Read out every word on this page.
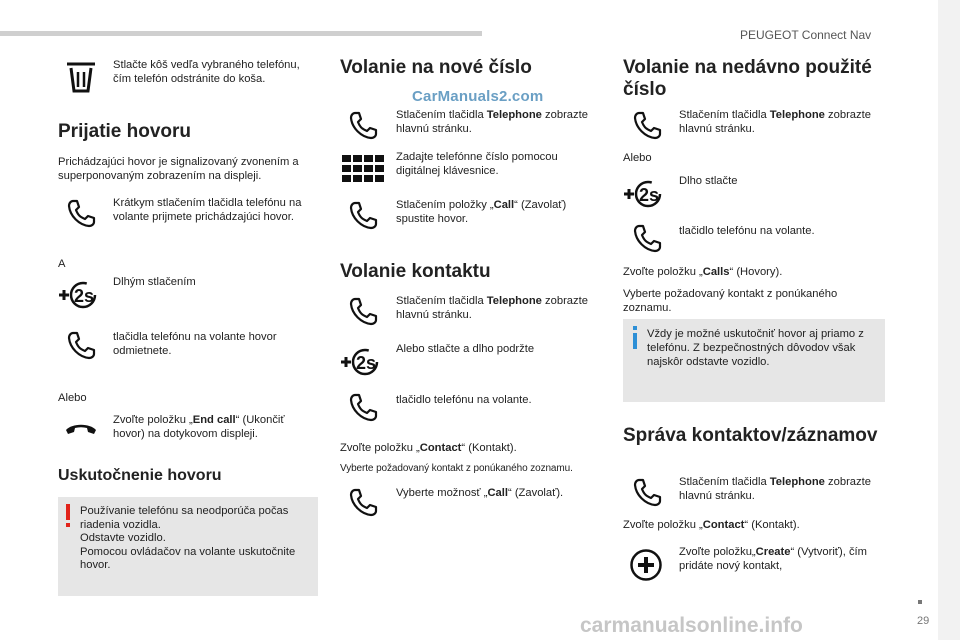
PEUGEOT Connect Nav
29
Stlačte kôš vedľa vybraného telefónu, čím telefón odstránite do koša.
Prijatie hovoru
Prichádzajúci hovor je signalizovaný zvonením a superponovaným zobrazením na displeji.
Krátkym stlačením tlačidla telefónu na volante prijmete prichádzajúci hovor.
A
2s
Dlhým stlačením
tlačidla telefónu na volante hovor odmietnete.
Alebo
Zvoľte položku „End call“ (Ukončiť hovor) na dotykovom displeji.
Uskutočnenie hovoru
Používanie telefónu sa neodporúča počas riadenia vozidla.
Odstavte vozidlo.
Pomocou ovládačov na volante uskutočnite hovor.
Volanie na nové číslo
CarManuals2.com
Stlačením tlačidla Telephone zobrazte hlavnú stránku.
Zadajte telefónne číslo pomocou digitálnej klávesnice.
Stlačením položky „Call“ (Zavolať) spustite hovor.
Volanie kontaktu
Stlačením tlačidla Telephone zobrazte hlavnú stránku.
2s
Alebo stlačte a dlho podržte
tlačidlo telefónu na volante.
Zvoľte položku „Contact“ (Kontakt).
Vyberte požadovaný kontakt z ponúkaného zoznamu.
Vyberte možnosť „Call“ (Zavolať).
Volanie na nedávno použité číslo
Stlačením tlačidla Telephone zobrazte hlavnú stránku.
Alebo
2s
Dlho stlačte
tlačidlo telefónu na volante.
Zvoľte položku „Calls“ (Hovory).
Vyberte požadovaný kontakt z ponúkaného zoznamu.
Vždy je možné uskutočniť hovor aj priamo z telefónu. Z bezpečnostných dôvodov však najskôr odstavte vozidlo.
Správa kontaktov/záznamov
Stlačením tlačidla Telephone zobrazte hlavnú stránku.
Zvoľte položku „Contact“ (Kontakt).
Zvoľte položku„Create“ (Vytvoriť), čím pridáte nový kontakt,
carmanualsonline.info
